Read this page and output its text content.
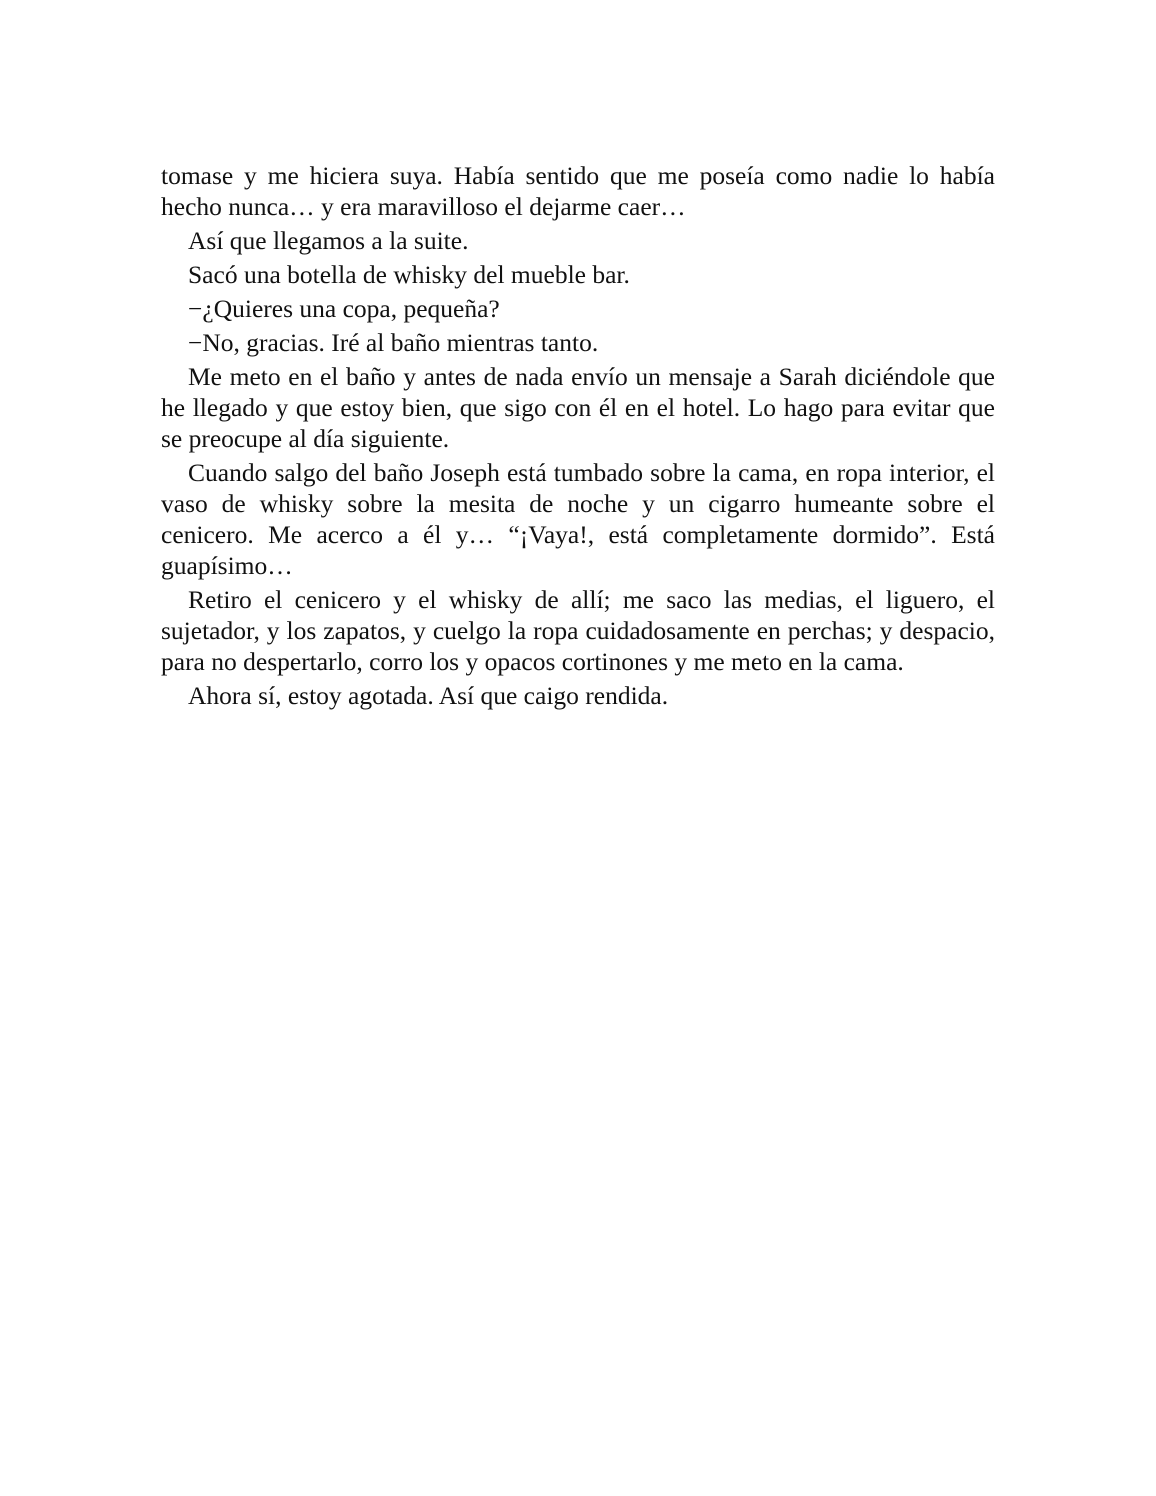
tomase y me hiciera suya. Había sentido que me poseía como nadie lo había hecho nunca… y era maravilloso el dejarme caer…

Así que llegamos a la suite.

Sacó una botella de whisky del mueble bar.

−¿Quieres una copa, pequeña?

−No, gracias. Iré al baño mientras tanto.

Me meto en el baño y antes de nada envío un mensaje a Sarah diciéndole que he llegado y que estoy bien, que sigo con él en el hotel. Lo hago para evitar que se preocupe al día siguiente.

Cuando salgo del baño Joseph está tumbado sobre la cama, en ropa interior, el vaso de whisky sobre la mesita de noche y un cigarro humeante sobre el cenicero. Me acerco a él y… “¡Vaya!, está completamente dormido”. Está guapísimo…

Retiro el cenicero y el whisky de allí; me saco las medias, el liguero, el sujetador, y los zapatos, y cuelgo la ropa cuidadosamente en perchas; y despacio, para no despertarlo, corro los y opacos cortinones y me meto en la cama.

Ahora sí, estoy agotada. Así que caigo rendida.
